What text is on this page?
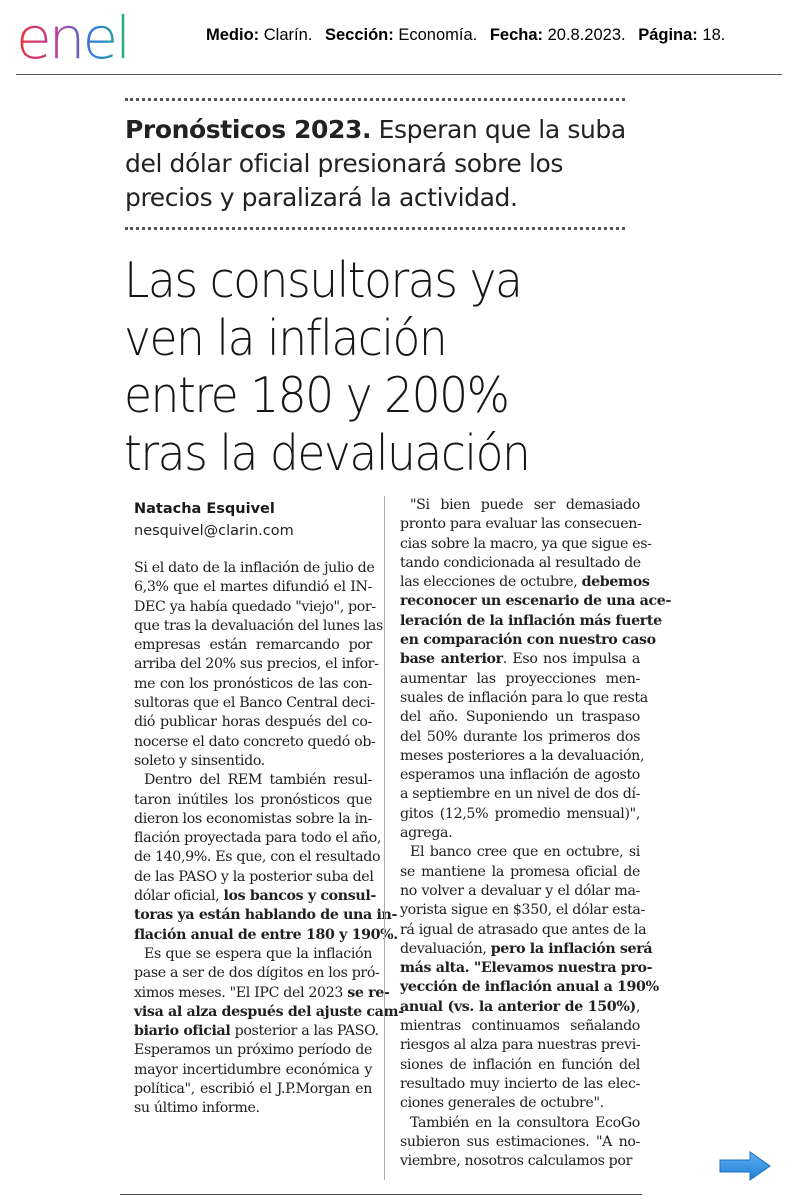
enel	Medio: Clarín. Sección: Economía. Fecha: 20.8.2023. Página: 18.
Pronósticos 2023. Esperan que la suba del dólar oficial presionará sobre los precios y paralizará la actividad.
Las consultoras ya
ven la inflación
entre 180 y 200%
tras la devaluación
Natacha Esquivel
nesquivel@clarin.com

Si el dato de la inflación de julio de
6,3% que el martes difundió el IN-
DEC ya había quedado "viejo", por-
que tras la devaluación del lunes las
empresas están remarcando por
arriba del 20% sus precios, el infor-
me con los pronósticos de las con-
sultoras que el Banco Central deci-
dió publicar horas después del co-
nocerse el dato concreto quedó ob-
soleto y sinsentido.

Dentro del REM también resul-
taron inútiles los pronósticos que
dieron los economistas sobre la in-
flación proyectada para todo el año,
de 140,9%. Es que, con el resultado
de las PASO y la posterior suba del
dólar oficial, los bancos y consul-
toras ya están hablando de una in-
flación anual de entre 180 y 190%.

Es que se espera que la inflación
pase a ser de dos dígitos en los pró-
ximos meses. "El IPC del 2023 se re-
visa al alza después del ajuste cam-
biario oficial posterior a las PASO.
Esperamos un próximo período de
mayor incertidumbre económica y
política", escribió el J.P.Morgan en
su último informe.

"Si bien puede ser demasiado
pronto para evaluar las consecuen-
cias sobre la macro, ya que sigue es-
tando condicionada al resultado de
las elecciones de octubre, debemos
reconocer un escenario de una ace-
leración de la inflación más fuerte
en comparación con nuestro caso
base anterior. Eso nos impulsa a
aumentar las proyecciones men-
suales de inflación para lo que resta
del año. Suponiendo un traspaso
del 50% durante los primeros dos
meses posteriores a la devaluación,
esperamos una inflación de agosto
a septiembre en un nivel de dos dí-
gitos (12,5% promedio mensual)",
agrega.

El banco cree que en octubre, si
se mantiene la promesa oficial de
no volver a devaluar y el dólar ma-
yorista sigue en $350, el dólar esta-
rá igual de atrasado que antes de la
devaluación, pero la inflación será
más alta. "Elevamos nuestra pro-
yección de inflación anual a 190%
anual (vs. la anterior de 150%),
mientras continuamos señalando
riesgos al alza para nuestras previ-
siones de inflación en función del
resultado muy incierto de las elec-
ciones generales de octubre".

También en la consultora EcoGo
subieron sus estimaciones. "A no-
viembre, nosotros calculamos por
